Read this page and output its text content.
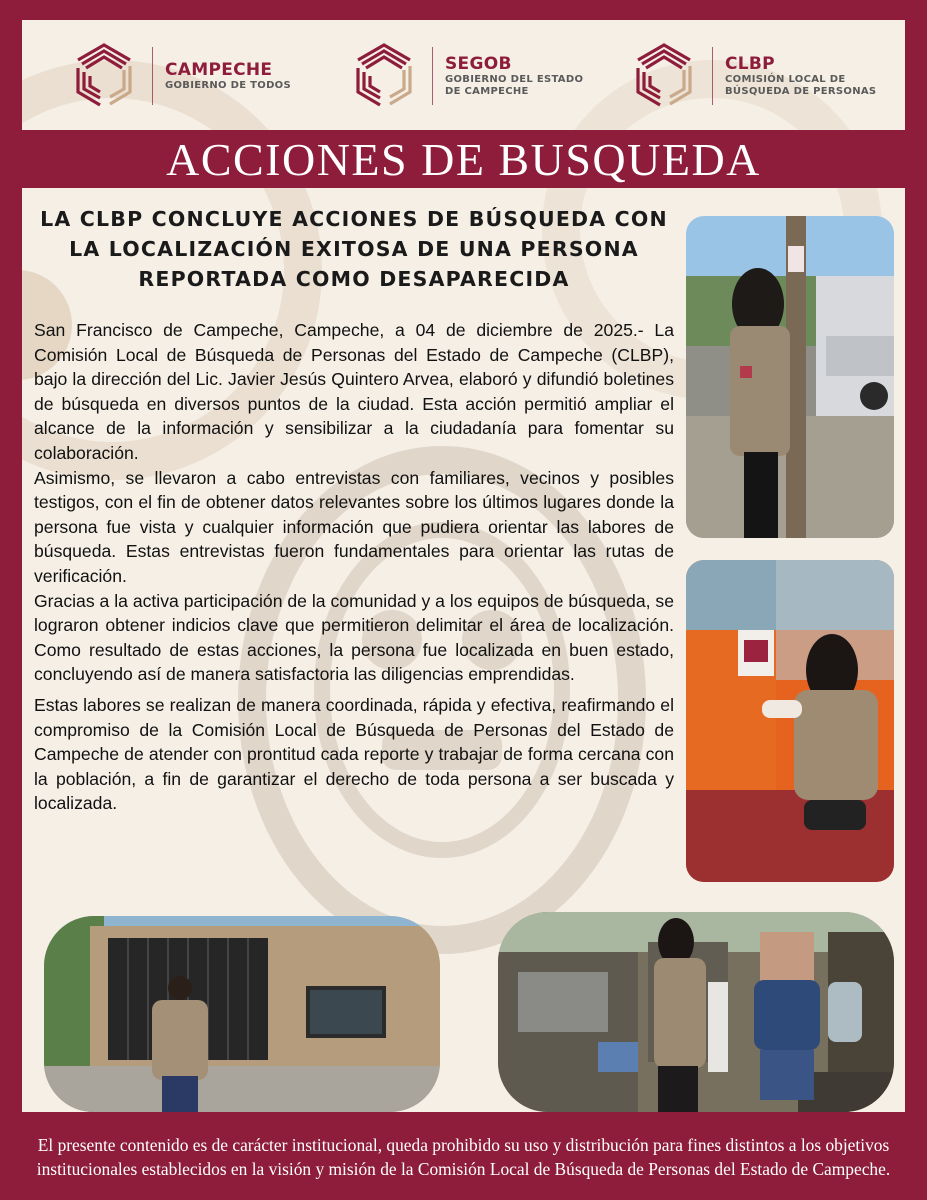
CAMPECHE
GOBIERNO DE TODOS
SEGOB
GOBIERNO DEL ESTADO
DE CAMPECHE
CLBP
COMISIÓN LOCAL DE
BÚSQUEDA DE PERSONAS
ACCIONES DE BUSQUEDA
LA CLBP CONCLUYE ACCIONES DE BÚSQUEDA CON LA LOCALIZACIÓN EXITOSA DE UNA PERSONA REPORTADA COMO DESAPARECIDA

San Francisco de Campeche, Campeche, a 04 de diciembre de 2025.- La Comisión Local de Búsqueda de Personas del Estado de Campeche (CLBP), bajo la dirección del Lic. Javier Jesús Quintero Arvea, elaboró y difundió boletines de búsqueda en diversos puntos de la ciudad. Esta acción permitió ampliar el alcance de la información y sensibilizar a la ciudadanía para fomentar su colaboración.

Asimismo, se llevaron a cabo entrevistas con familiares, vecinos y posibles testigos, con el fin de obtener datos relevantes sobre los últimos lugares donde la persona fue vista y cualquier información que pudiera orientar las labores de búsqueda. Estas entrevistas fueron fundamentales para orientar las rutas de verificación.

Gracias a la activa participación de la comunidad y a los equipos de búsqueda, se lograron obtener indicios clave que permitieron delimitar el área de localización. Como resultado de estas acciones, la persona fue localizada en buen estado, concluyendo así de manera satisfactoria las diligencias emprendidas.

Estas labores se realizan de manera coordinada, rápida y efectiva, reafirmando el compromiso de la Comisión Local de Búsqueda de Personas del Estado de Campeche de atender con prontitud cada reporte y trabajar de forma cercana con la población, a fin de garantizar el derecho de toda persona a ser buscada y localizada.

El presente contenido es de carácter institucional, queda prohibido su uso y distribución para fines distintos a los objetivos institucionales establecidos en la visión y misión de la Comisión Local de Búsqueda de Personas del Estado de Campeche.
